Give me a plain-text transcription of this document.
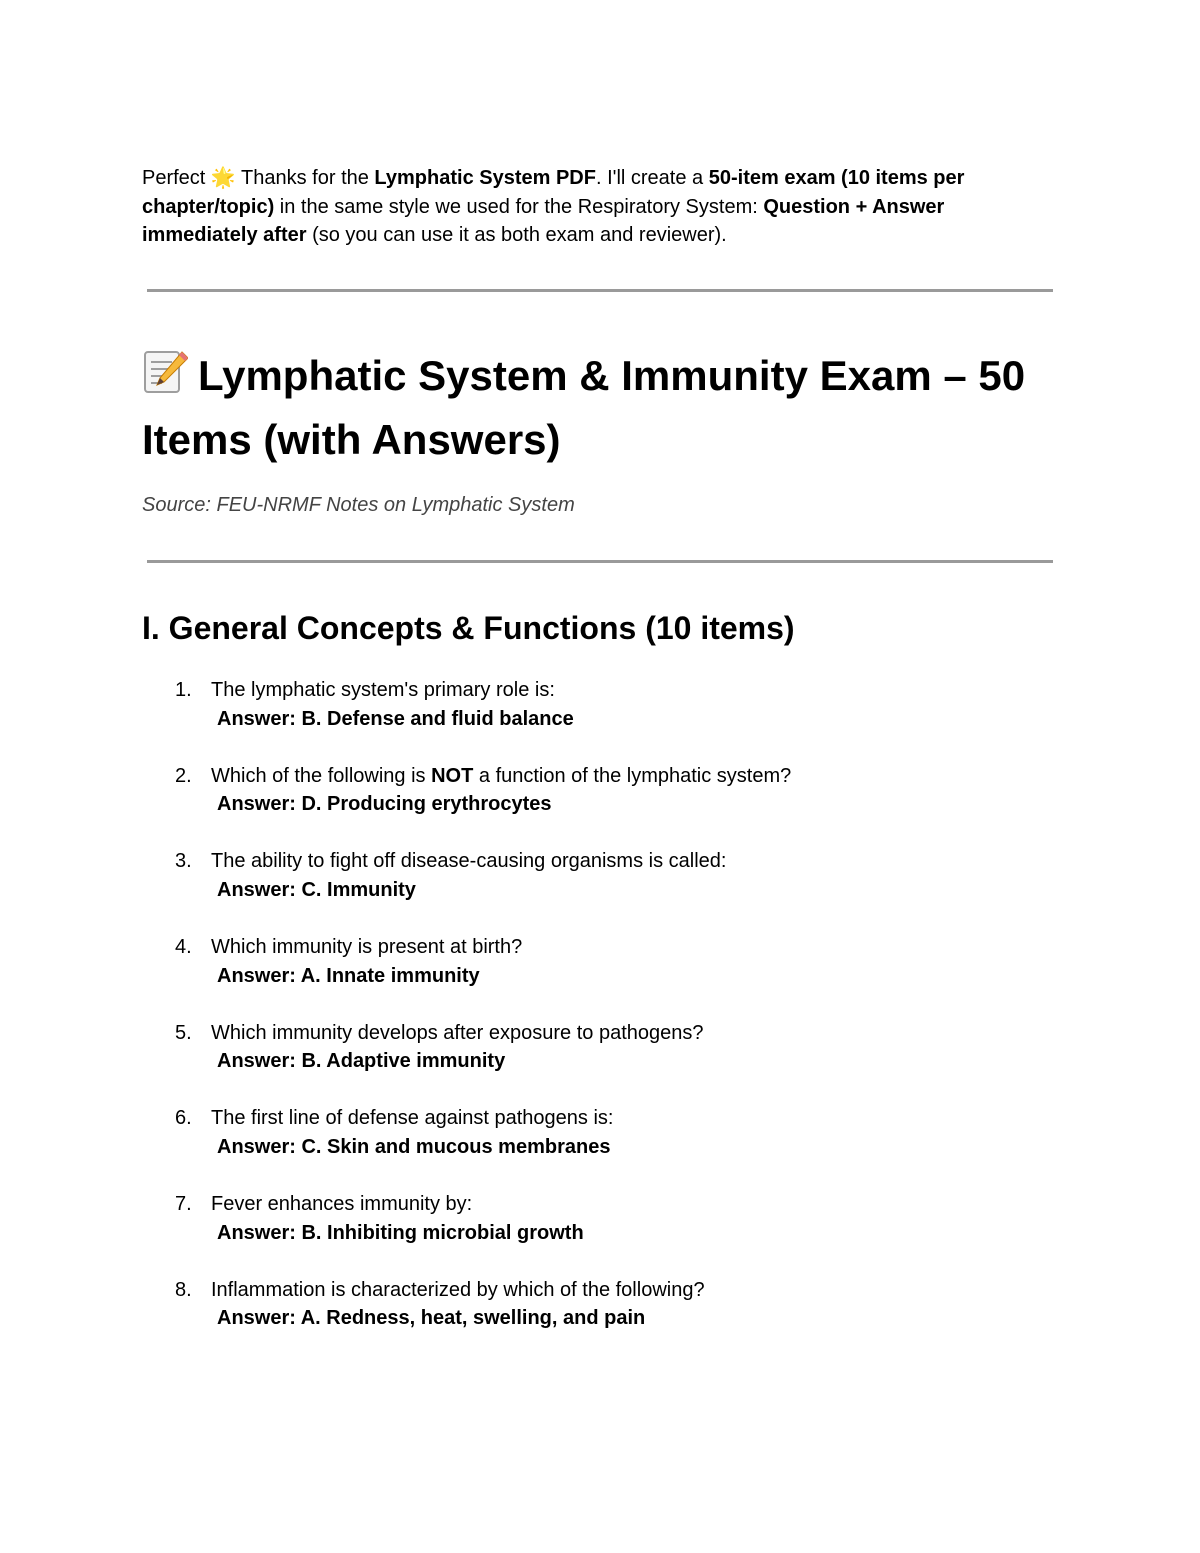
Perfect 🌟 Thanks for the Lymphatic System PDF. I'll create a 50-item exam (10 items per chapter/topic) in the same style we used for the Respiratory System: Question + Answer immediately after (so you can use it as both exam and reviewer).
Lymphatic System & Immunity Exam – 50 Items (with Answers)
Source: FEU-NRMF Notes on Lymphatic System
I. General Concepts & Functions (10 items)
1. The lymphatic system's primary role is:
Answer: B. Defense and fluid balance
2. Which of the following is NOT a function of the lymphatic system?
Answer: D. Producing erythrocytes
3. The ability to fight off disease-causing organisms is called:
Answer: C. Immunity
4. Which immunity is present at birth?
Answer: A. Innate immunity
5. Which immunity develops after exposure to pathogens?
Answer: B. Adaptive immunity
6. The first line of defense against pathogens is:
Answer: C. Skin and mucous membranes
7. Fever enhances immunity by:
Answer: B. Inhibiting microbial growth
8. Inflammation is characterized by which of the following?
Answer: A. Redness, heat, swelling, and pain
